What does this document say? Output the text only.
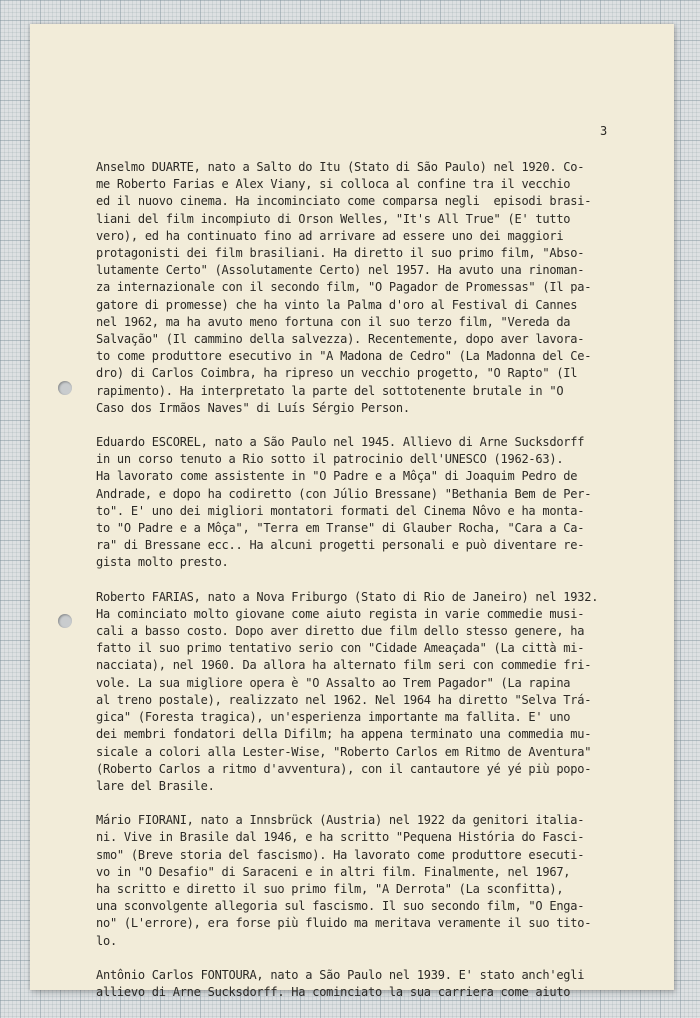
3
Anselmo DUARTE, nato a Salto do Itu (Stato di São Paulo) nel 1920. Co-
me Roberto Farias e Alex Viany, si colloca al confine tra il vecchio
ed il nuovo cinema. Ha incominciato come comparsa negli  episodi brasi-
liani del film incompiuto di Orson Welles, "It's All True" (E' tutto
vero), ed ha continuato fino ad arrivare ad essere uno dei maggiori
protagonisti dei film brasiliani. Ha diretto il suo primo film, "Abso-
lutamente Certo" (Assolutamente Certo) nel 1957. Ha avuto una rinoman-
za internazionale con il secondo film, "O Pagador de Promessas" (Il pa-
gatore di promesse) che ha vinto la Palma d'oro al Festival di Cannes
nel 1962, ma ha avuto meno fortuna con il suo terzo film, "Vereda da
Salvação" (Il cammino della salvezza). Recentemente, dopo aver lavora-
to come produttore esecutivo in "A Madona de Cedro" (La Madonna del Ce-
dro) di Carlos Coimbra, ha ripreso un vecchio progetto, "O Rapto" (Il
rapimento). Ha interpretato la parte del sottotenente brutale in "O
Caso dos Irmãos Naves" di Luís Sérgio Person.
Eduardo ESCOREL, nato a São Paulo nel 1945. Allievo di Arne Sucksdorff
in un corso tenuto a Rio sotto il patrocinio dell'UNESCO (1962-63).
Ha lavorato come assistente in "O Padre e a Môça" di Joaquim Pedro de
Andrade, e dopo ha codiretto (con Júlio Bressane) "Bethania Bem de Per-
to". E' uno dei migliori montatori formati del Cinema Nôvo e ha monta-
to "O Padre e a Môça", "Terra em Transe" di Glauber Rocha, "Cara a Ca-
ra" di Bressane ecc.. Ha alcuni progetti personali e può diventare re-
gista molto presto.
Roberto FARIAS, nato a Nova Friburgo (Stato di Rio de Janeiro) nel 1932.
Ha cominciato molto giovane come aiuto regista in varie commedie musi-
cali a basso costo. Dopo aver diretto due film dello stesso genere, ha
fatto il suo primo tentativo serio con "Cidade Ameaçada" (La città mi-
nacciata), nel 1960. Da allora ha alternato film seri con commedie fri-
vole. La sua migliore opera è "O Assalto ao Trem Pagador" (La rapina
al treno postale), realizzato nel 1962. Nel 1964 ha diretto "Selva Trá-
gica" (Foresta tragica), un'esperienza importante ma fallita. E' uno
dei membri fondatori della Difilm; ha appena terminato una commedia mu-
sicale a colori alla Lester-Wise, "Roberto Carlos em Ritmo de Aventura"
(Roberto Carlos a ritmo d'avventura), con il cantautore yé yé più popo-
lare del Brasile.
Mário FIORANI, nato a Innsbrück (Austria) nel 1922 da genitori italia-
ni. Vive in Brasile dal 1946, e ha scritto "Pequena História do Fasci-
smo" (Breve storia del fascismo). Ha lavorato come produttore esecuti-
vo in "O Desafio" di Saraceni e in altri film. Finalmente, nel 1967,
ha scritto e diretto il suo primo film, "A Derrota" (La sconfitta),
una sconvolgente allegoria sul fascismo. Il suo secondo film, "O Enga-
no" (L'errore), era forse più fluido ma meritava veramente il suo tito-
lo.
Antônio Carlos FONTOURA, nato a São Paulo nel 1939. E' stato anch'egli
allievo di Arne Sucksdorff. Ha cominciato la sua carriera come aiuto
